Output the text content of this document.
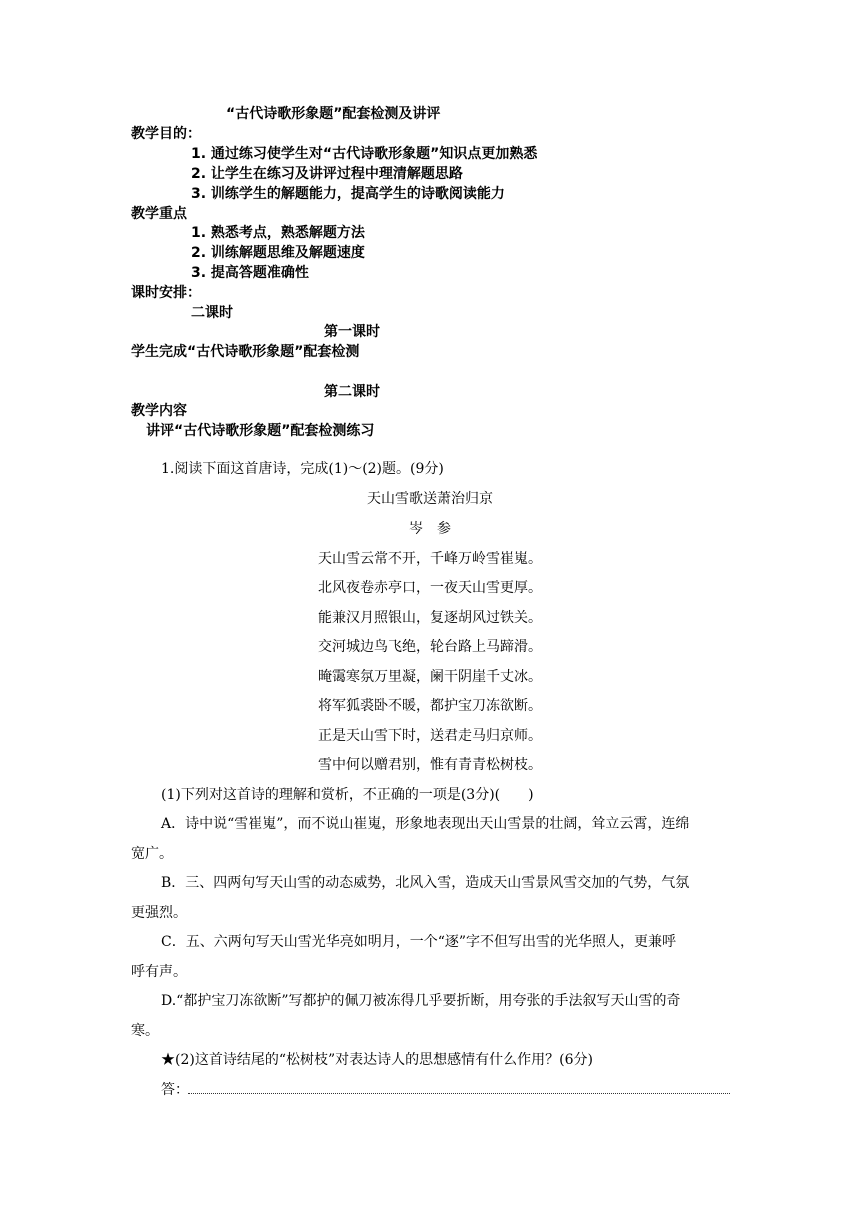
“古代诗歌形象题”配套检测及讲评
教学目的：
1. 通过练习使学生对“古代诗歌形象题”知识点更加熟悉
2. 让学生在练习及讲评过程中理清解题思路
3. 训练学生的解题能力，提高学生的诗歌阅读能力
教学重点
1. 熟悉考点，熟悉解题方法
2. 训练解题思维及解题速度
3. 提高答题准确性
课时安排：
二课时
第一课时
学生完成“古代诗歌形象题”配套检测
第二课时
教学内容
讲评“古代诗歌形象题”配套检测练习
1.阅读下面这首唐诗，完成(1)～(2)题。(9分)
天山雪歌送萧治归京
岑　参
天山雪云常不开，千峰万岭雪崔嵬。
北风夜卷赤亭口，一夜天山雪更厚。
能兼汉月照银山，复逐胡风过铁关。
交河城边鸟飞绝，轮台路上马蹄滑。
晻霭寒氛万里凝，阑干阴崖千丈冰。
将军狐裘卧不暖，都护宝刀冻欲断。
正是天山雪下时，送君走马归京师。
雪中何以赠君别，惟有青青松树枝。
(1)下列对这首诗的理解和赏析，不正确的一项是(3分)(　　)
A．诗中说“雪崔嵬”，而不说山崔嵬，形象地表现出天山雪景的壮阔，耸立云霄，连绵
宽广。
B．三、四两句写天山雪的动态威势，北风入雪，造成天山雪景风雪交加的气势，气氛
更强烈。
C．五、六两句写天山雪光华亮如明月，一个“逐”字不但写出雪的光华照人，更兼呼
呼有声。
D.“都护宝刀冻欲断”写都护的佩刀被冻得几乎要折断，用夸张的手法叙写天山雪的奇
寒。
★(2)这首诗结尾的“松树枝”对表达诗人的思想感情有什么作用？(6分)
答：
